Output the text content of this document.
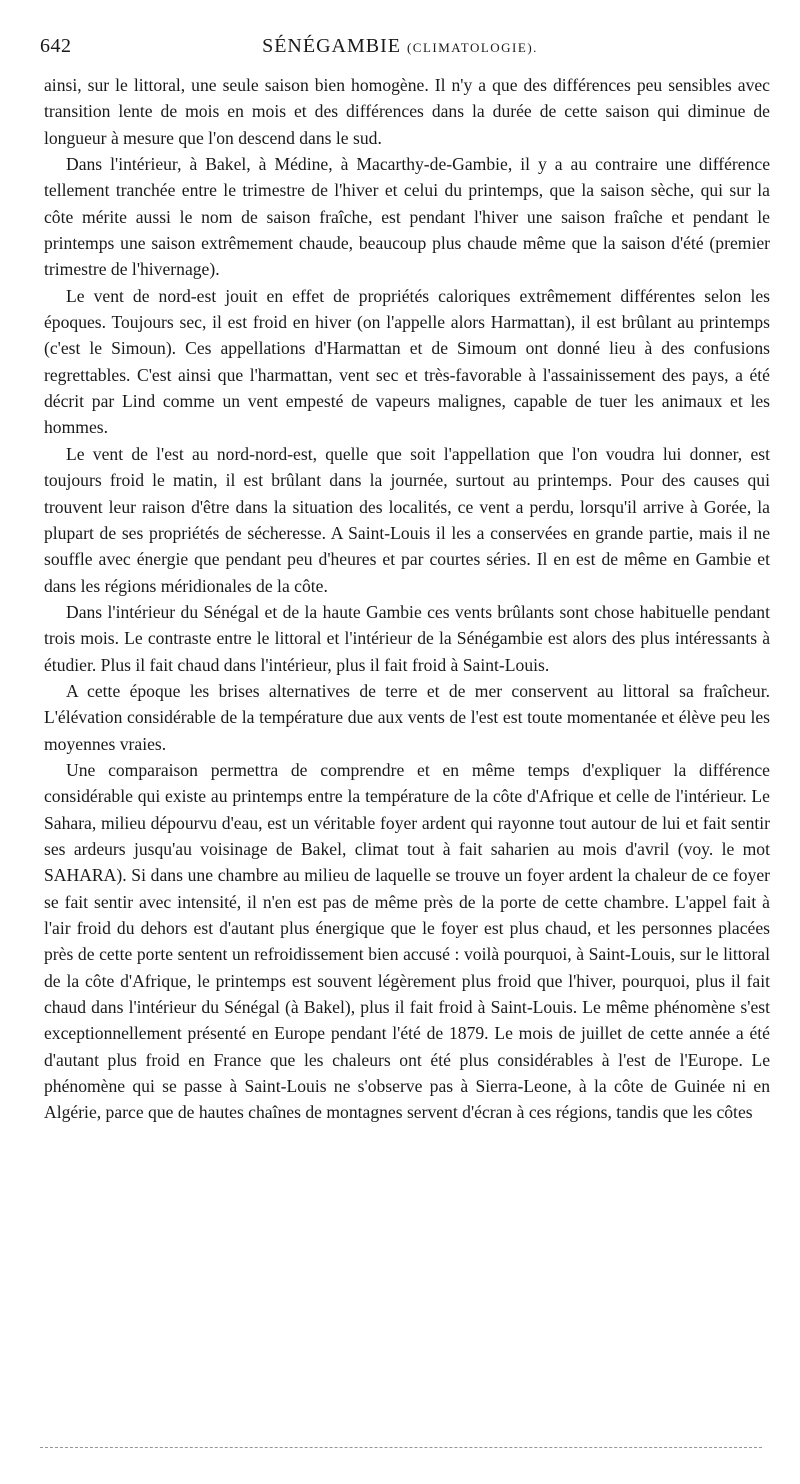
642	SÉNÉGAMBIE (CLIMATOLOGIE).

ainsi, sur le littoral, une seule saison bien homogène. Il n'y a que des différences peu sensibles avec transition lente de mois en mois et des différences dans la durée de cette saison qui diminue de longueur à mesure que l'on descend dans le sud.

Dans l'intérieur, à Bakel, à Médine, à Macarthy-de-Gambie, il y a au contraire une différence tellement tranchée entre le trimestre de l'hiver et celui du printemps, que la saison sèche, qui sur la côte mérite aussi le nom de saison fraîche, est pendant l'hiver une saison fraîche et pendant le printemps une saison extrêmement chaude, beaucoup plus chaude même que la saison d'été (premier trimestre de l'hivernage).

Le vent de nord-est jouit en effet de propriétés caloriques extrêmement différentes selon les époques. Toujours sec, il est froid en hiver (on l'appelle alors Harmattan), il est brûlant au printemps (c'est le Simoun). Ces appellations d'Harmattan et de Simoum ont donné lieu à des confusions regrettables. C'est ainsi que l'harmattan, vent sec et très-favorable à l'assainissement des pays, a été décrit par Lind comme un vent empesté de vapeurs malignes, capable de tuer les animaux et les hommes.

Le vent de l'est au nord-nord-est, quelle que soit l'appellation que l'on voudra lui donner, est toujours froid le matin, il est brûlant dans la journée, surtout au printemps. Pour des causes qui trouvent leur raison d'être dans la situation des localités, ce vent a perdu, lorsqu'il arrive à Gorée, la plupart de ses propriétés de sécheresse. A Saint-Louis il les a conservées en grande partie, mais il ne souffle avec énergie que pendant peu d'heures et par courtes séries. Il en est de même en Gambie et dans les régions méridionales de la côte.

Dans l'intérieur du Sénégal et de la haute Gambie ces vents brûlants sont chose habituelle pendant trois mois. Le contraste entre le littoral et l'intérieur de la Sénégambie est alors des plus intéressants à étudier. Plus il fait chaud dans l'intérieur, plus il fait froid à Saint-Louis.

A cette époque les brises alternatives de terre et de mer conservent au littoral sa fraîcheur. L'élévation considérable de la température due aux vents de l'est est toute momentanée et élève peu les moyennes vraies.

Une comparaison permettra de comprendre et en même temps d'expliquer la différence considérable qui existe au printemps entre la température de la côte d'Afrique et celle de l'intérieur. Le Sahara, milieu dépourvu d'eau, est un véritable foyer ardent qui rayonne tout autour de lui et fait sentir ses ardeurs jusqu'au voisinage de Bakel, climat tout à fait saharien au mois d'avril (voy. le mot SAHARA). Si dans une chambre au milieu de laquelle se trouve un foyer ardent la chaleur de ce foyer se fait sentir avec intensité, il n'en est pas de même près de la porte de cette chambre. L'appel fait à l'air froid du dehors est d'autant plus énergique que le foyer est plus chaud, et les personnes placées près de cette porte sentent un refroidissement bien accusé : voilà pourquoi, à Saint-Louis, sur le littoral de la côte d'Afrique, le printemps est souvent légèrement plus froid que l'hiver, pourquoi, plus il fait chaud dans l'intérieur du Sénégal (à Bakel), plus il fait froid à Saint-Louis. Le même phénomène s'est exceptionnellement présenté en Europe pendant l'été de 1879. Le mois de juillet de cette année a été d'autant plus froid en France que les chaleurs ont été plus considérables à l'est de l'Europe. Le phénomène qui se passe à Saint-Louis ne s'observe pas à Sierra-Leone, à la côte de Guinée ni en Algérie, parce que de hautes chaînes de montagnes servent d'écran à ces régions, tandis que les côtes
